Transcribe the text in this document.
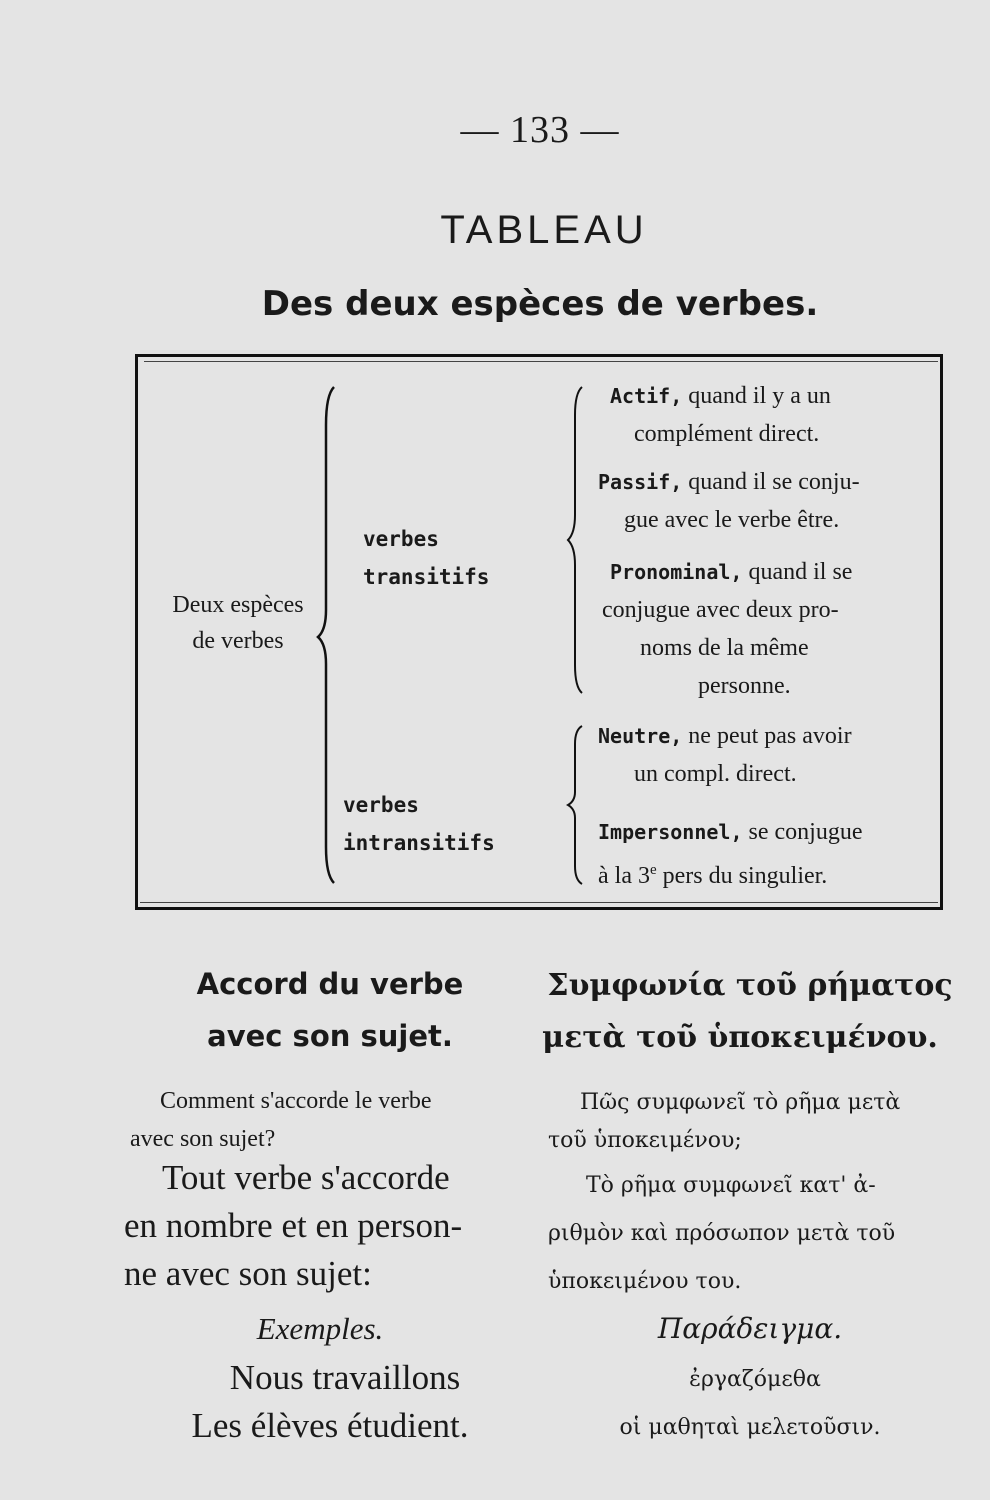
— 133 —
TABLEAU
Des deux espèces de verbes.
Deux espèces
de verbes
verbes transitifs
verbes intransitifs
Actif, quand il y a un
complément direct.
Passif, quand il se conju-
gue avec le verbe être.
Pronominal, quand il se
conjugue avec deux pro-
noms de la même
personne.
Neutre, ne peut pas avoir
un compl. direct.
Impersonnel, se conjugue
à la 3e pers du singulier.
Accord du verbe
avec son sujet.
Comment s'accorde le verbe
avec son sujet?
Tout verbe s'accorde
en nombre et en person-
ne avec son sujet:
Exemples.
Nous travaillons
Les élèves étudient.
Συμφωνία τοῦ ρήματος
μετὰ τοῦ ὑποκειμένου.
Πῶς συμφωνεῖ τὸ ρῆμα μετὰ
τοῦ ὑποκειμένου;
Τὸ ρῆμα συμφωνεῖ κατ' ἀ-
ριθμὸν καὶ πρόσωπον μετὰ τοῦ
ὑποκειμένου του.
Παράδειγμα.
ἐργαζόμεθα
οἱ μαθηταὶ μελετοῦσιν.
